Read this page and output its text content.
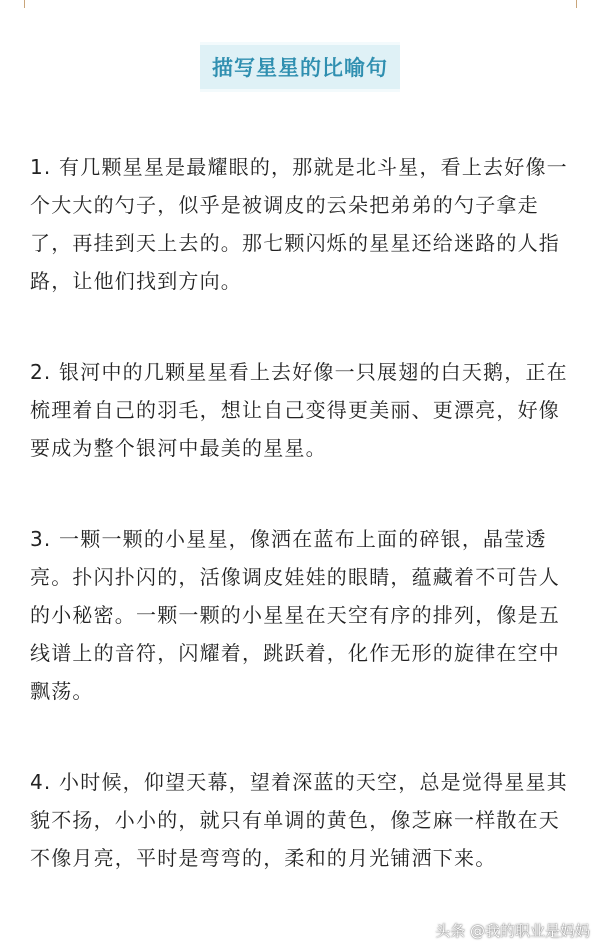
描写星星的比喻句

1. 有几颗星星是最耀眼的，那就是北斗星，看上去好像一
个大大的勺子，似乎是被调皮的云朵把弟弟的勺子拿走
了，再挂到天上去的。那七颗闪烁的星星还给迷路的人指
路，让他们找到方向。

2. 银河中的几颗星星看上去好像一只展翅的白天鹅，正在
梳理着自己的羽毛，想让自己变得更美丽、更漂亮，好像
要成为整个银河中最美的星星。

3. 一颗一颗的小星星，像洒在蓝布上面的碎银，晶莹透
亮。扑闪扑闪的，活像调皮娃娃的眼睛，蕴藏着不可告人
的小秘密。一颗一颗的小星星在天空有序的排列，像是五
线谱上的音符，闪耀着，跳跃着，化作无形的旋律在空中
飘荡。

4. 小时候，仰望天幕，望着深蓝的天空，总是觉得星星其
貌不扬，小小的，就只有单调的黄色，像芝麻一样散在天
不像月亮，平时是弯弯的，柔和的月光铺洒下来。

头条 @我的职业是妈妈
